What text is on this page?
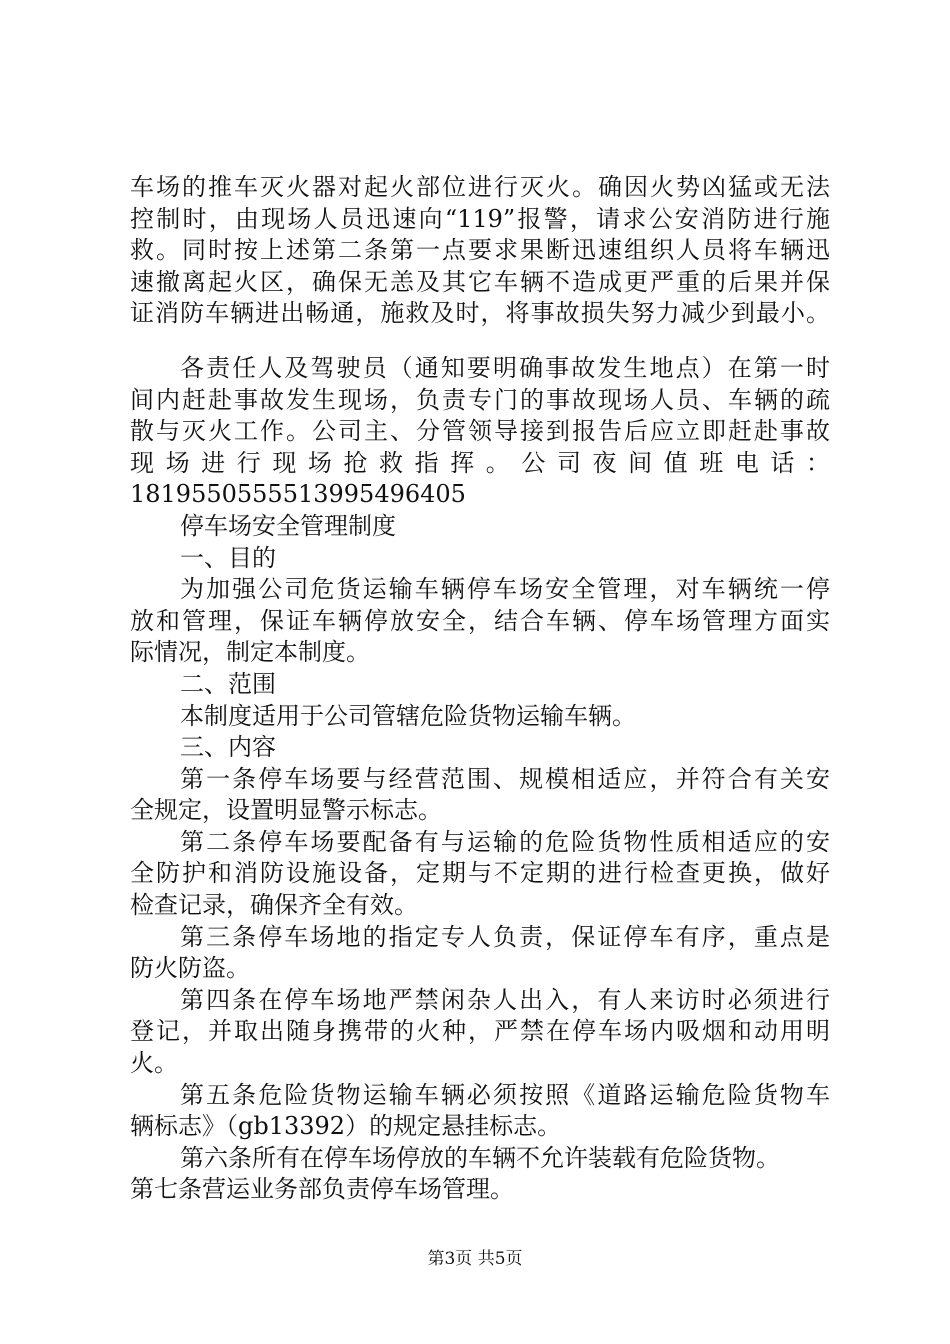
车场的推车灭火器对起火部位进行灭火。确因火势凶猛或无法
控制时，由现场人员迅速向“119”报警，请求公安消防进行施
救。同时按上述第二条第一点要求果断迅速组织人员将车辆迅
速撤离起火区，确保无恙及其它车辆不造成更严重的后果并保
证消防车辆进出畅通，施救及时，将事故损失努力减少到最小。
各责任人及驾驶员（通知要明确事故发生地点）在第一时
间内赶赴事故发生现场，负责专门的事故现场人员、车辆的疏
散与灭火工作。公司主、分管领导接到报告后应立即赶赴事故
现场进行现场抢救指挥。公司夜间值班电话：
18195505555139954964​05
停车场安全管理制度
一、目的
为加强公司危货运输车辆停车场安全管理，对车辆统一停
放和管理，保证车辆停放安全，结合车辆、停车场管理方面实
际情况，制定本制度。
二、范围
本制度适用于公司管辖危险货物运输车辆。
三、内容
第一条停车场要与经营范围、规模相适应，并符合有关安
全规定，设置明显警示标志。
第二条停车场要配备有与运输的危险货物性质相适应的安
全防护和消防设施设备，定期与不定期的进行检查更换，做好
检查记录，确保齐全有效。
第三条停车场地的指定专人负责，保证停车有序，重点是
防火防盗。
第四条在停车场地严禁闲杂人出入，有人来访时必须进行
登记，并取出随身携带的火种，严禁在停车场内吸烟和动用明
火。
第五条危险货物运输车辆必须按照《道路运输危险货物车
辆标志》（gb13392）的规定悬挂标志。
第六条所有在停车场停放的车辆不允许装载有危险货物。
第七条营运业务部负责停车场管理。
第3页 共5页
